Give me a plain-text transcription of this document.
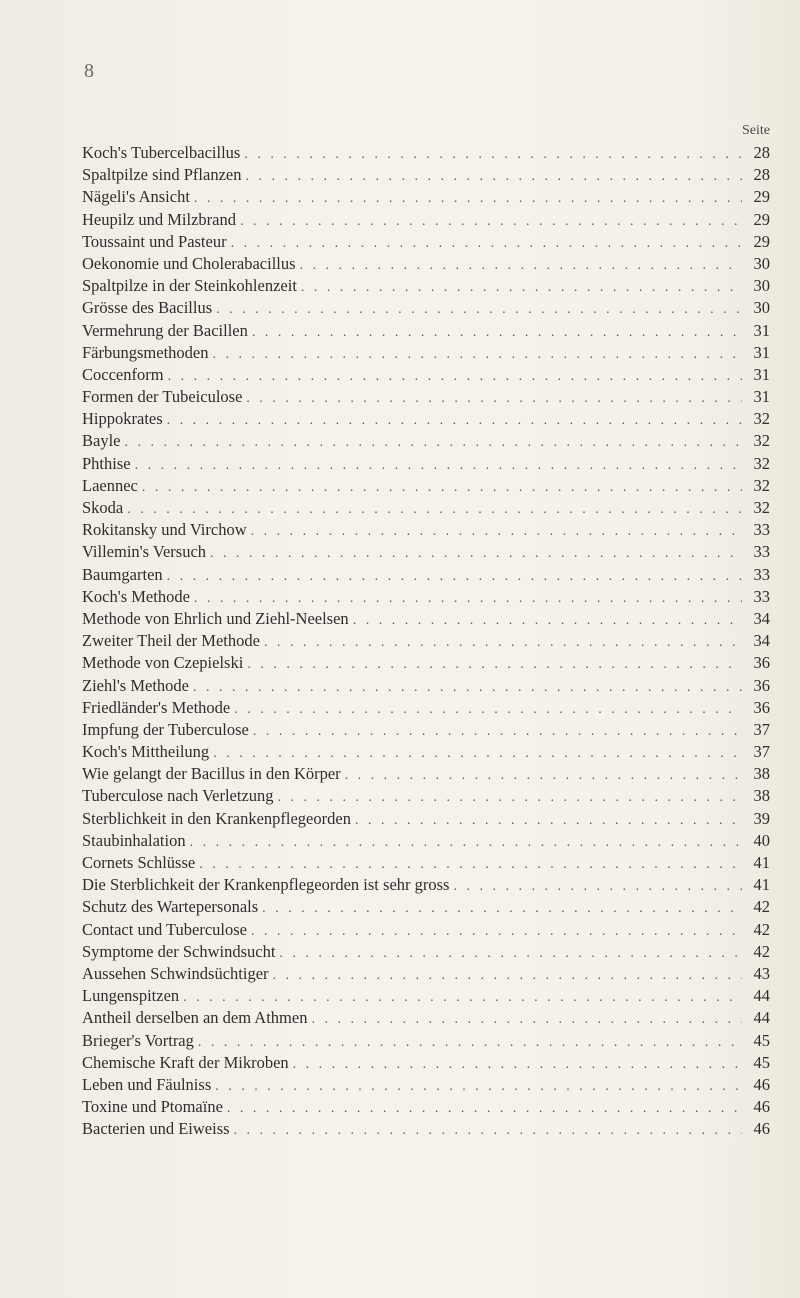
8
Seite
Koch's Tubercelbacillus . . .	28
Spaltpilze sind Pflanzen . . .	28
Nägeli's Ansicht . . .	29
Heupilz und Milzbrand . . .	29
Toussaint und Pasteur . . .	29
Oekonomie und Cholerabacillus . . .	30
Spaltpilze in der Steinkohlenzeit . . .	30
Grösse des Bacillus . . .	30
Vermehrung der Bacillen . . .	31
Färbungsmethoden . . .	31
Coccenform . . .	31
Formen der Tubeiculose . . .	31
Hippokrates . . .	32
Bayle . . .	32
Phthise . . .	32
Laennec . . .	32
Skoda . . .	32
Rokitansky und Virchow . . .	33
Villemin's Versuch . . .	33
Baumgarten . . .	33
Koch's Methode . . .	33
Methode von Ehrlich und Ziehl-Neelsen . . .	34
Zweiter Theil der Methode . . .	34
Methode von Czepielski . . .	36
Ziehl's Methode . . .	36
Friedländer's Methode . . .	36
Impfung der Tuberculose . . .	37
Koch's Mittheilung . . .	37
Wie gelangt der Bacillus in den Körper . . .	38
Tuberculose nach Verletzung . . .	38
Sterblichkeit in den Krankenpflegeorden . . .	39
Staubinhalation . . .	40
Cornets Schlüsse . . .	41
Die Sterblichkeit der Krankenpflegeorden ist sehr gross . . .	41
Schutz des Wartepersonals . . .	42
Contact und Tuberculose . . .	42
Symptome der Schwindsucht . . .	42
Aussehen Schwindsüchtiger . . .	43
Lungenspitzen . . .	44
Antheil derselben an dem Athmen . . .	44
Brieger's Vortrag . . .	45
Chemische Kraft der Mikroben . . .	45
Leben und Fäulniss . . .	46
Toxine und Ptomaïne . . .	46
Bacterien und Eiweiss . . .	46
